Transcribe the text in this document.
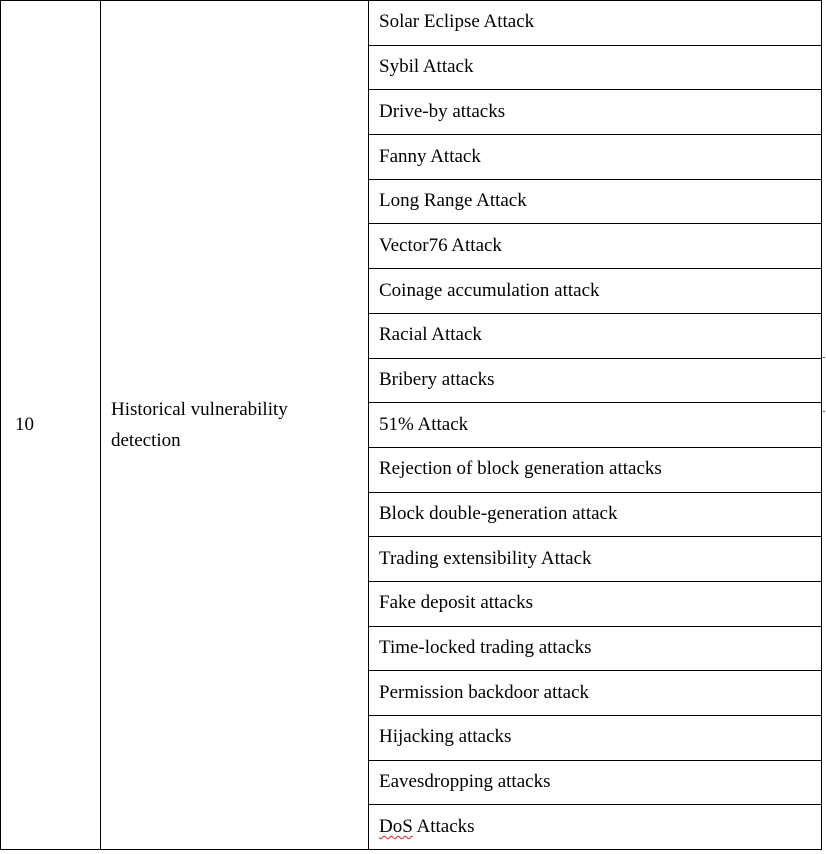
10	Historical vulnerability detection	Solar Eclipse Attack
Sybil Attack
Drive-by attacks
Fanny Attack
Long Range Attack
Vector76 Attack
Coinage accumulation attack
Racial Attack
Bribery attacks
51% Attack
Rejection of block generation attacks
Block double-generation attack
Trading extensibility Attack
Fake deposit attacks
Time-locked trading attacks
Permission backdoor attack
Hijacking attacks
Eavesdropping attacks
DoS Attacks
